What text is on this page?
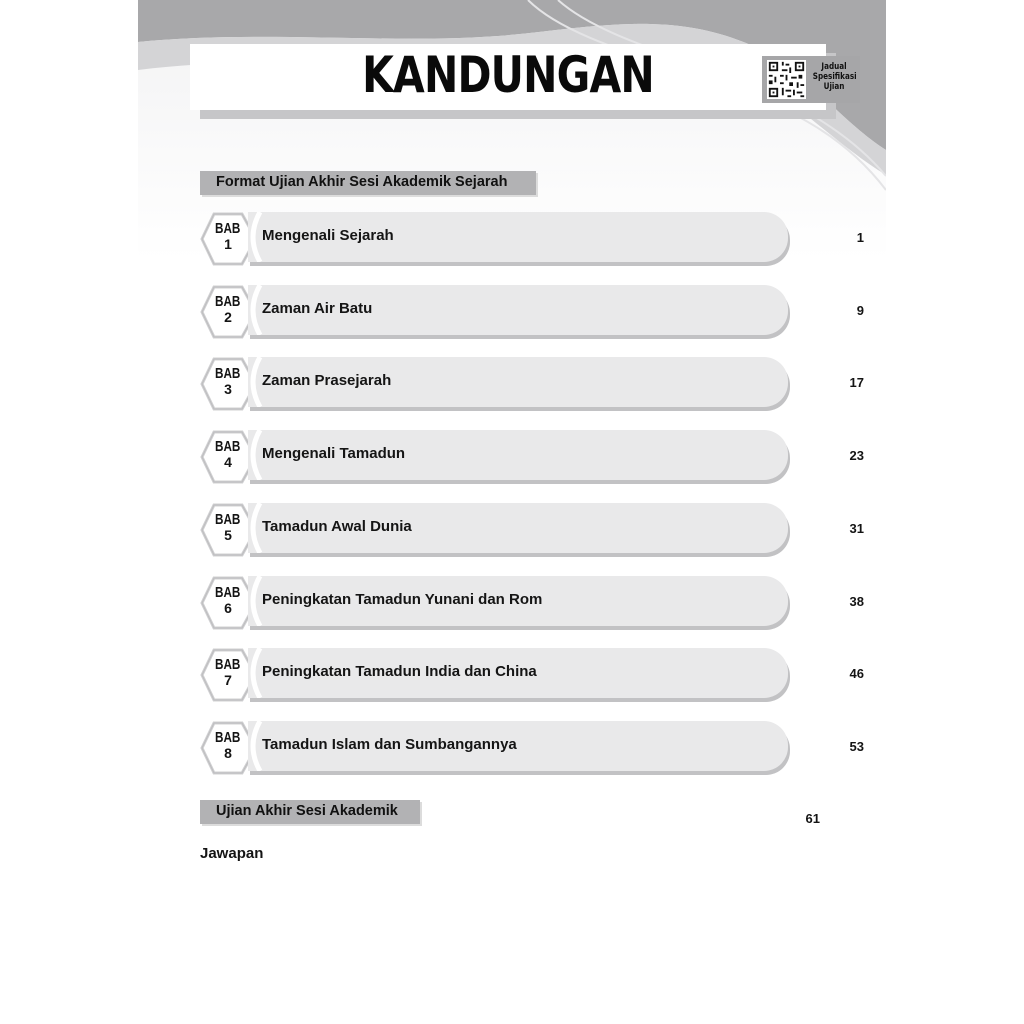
KANDUNGAN	Jadual
Spesifikasi
Ujian
Format Ujian Akhir Sesi Akademik Sejarah
BAB
1 Mengenali Sejarah	1
BAB
2 Zaman Air Batu	9
BAB
3 Zaman Prasejarah	17
BAB
4 Mengenali Tamadun	23
BAB
5 Tamadun Awal Dunia	31
BAB
6 Peningkatan Tamadun Yunani dan Rom	38
BAB
7 Peningkatan Tamadun India dan China	46
BAB
8 Tamadun Islam dan Sumbangannya	53
Ujian Akhir Sesi Akademik	61
Jawapan
